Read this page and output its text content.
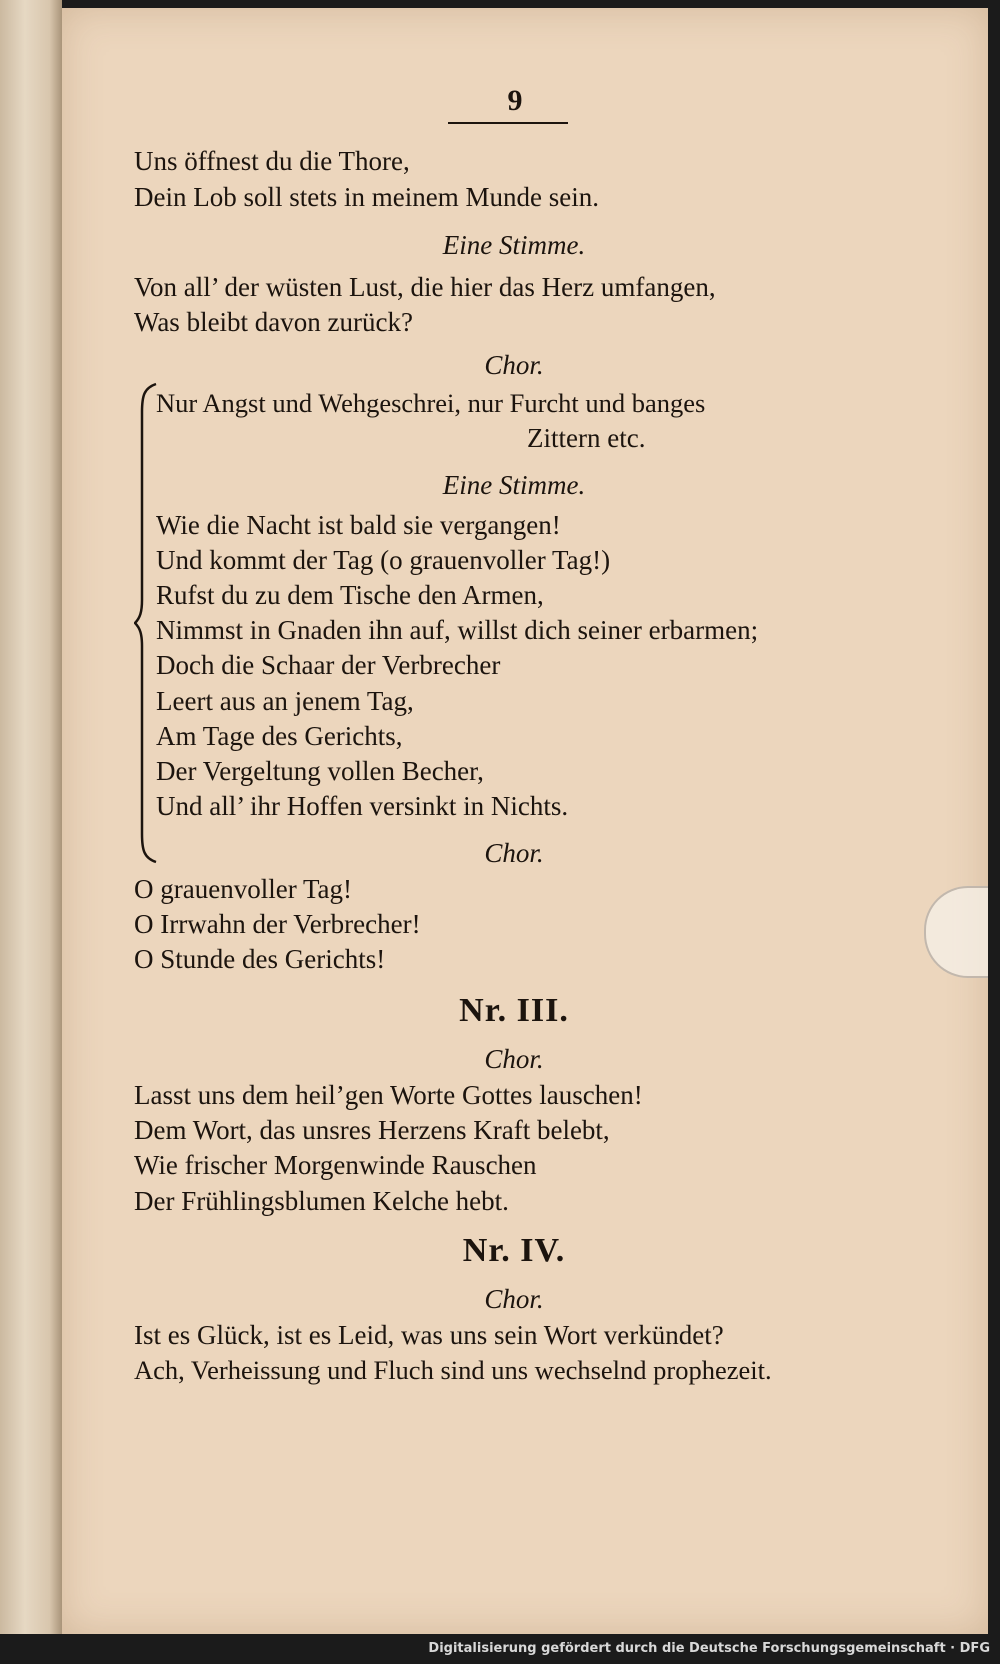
9
Uns öffnest du die Thore,
Dein Lob soll stets in meinem Munde sein.
Eine Stimme.
Von all’ der wüsten Lust, die hier das Herz umfangen,
Was bleibt davon zurück?
Chor.
Nur Angst und Wehgeschrei, nur Furcht und banges
Zittern etc.
Eine Stimme.
Wie die Nacht ist bald sie vergangen!
Und kommt der Tag (o grauenvoller Tag!)
Rufst du zu dem Tische den Armen,
Nimmst in Gnaden ihn auf, willst dich seiner erbarmen;
Doch die Schaar der Verbrecher
Leert aus an jenem Tag,
Am Tage des Gerichts,
Der Vergeltung vollen Becher,
Und all’ ihr Hoffen versinkt in Nichts.
Chor.
O grauenvoller Tag!
O Irrwahn der Verbrecher!
O Stunde des Gerichts!
Nr. III.
Chor.
Lasst uns dem heil’gen Worte Gottes lauschen!
Dem Wort, das unsres Herzens Kraft belebt,
Wie frischer Morgenwinde Rauschen
Der Frühlingsblumen Kelche hebt.
Nr. IV.
Chor.
Ist es Glück, ist es Leid, was uns sein Wort verkündet?
Ach, Verheissung und Fluch sind uns wechselnd prophezeit.
Digitalisierung gefördert durch die Deutsche Forschungsgemeinschaft · DFG
